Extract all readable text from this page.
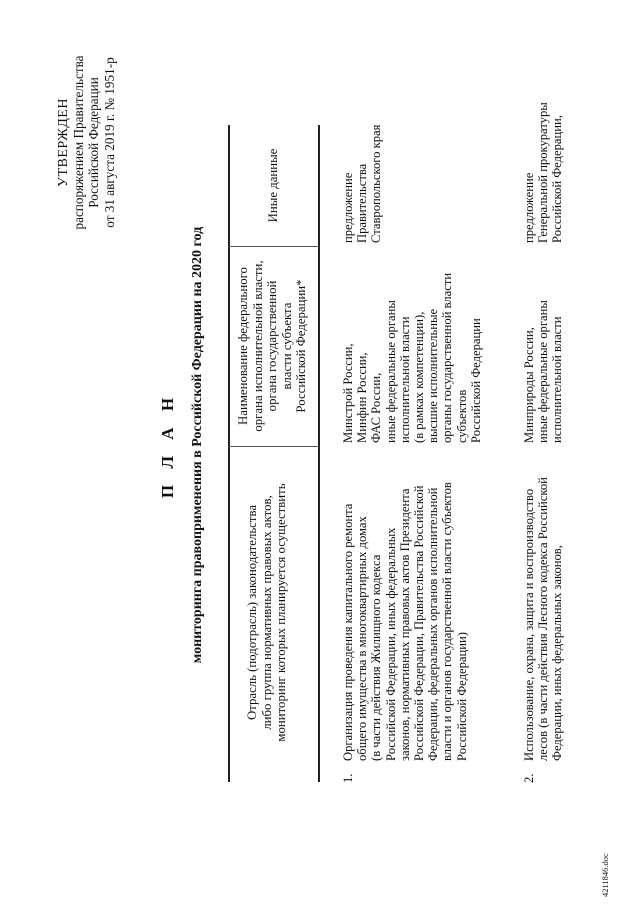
УТВЕРЖДЕН распоряжением Правительства Российской Федерации от 31 августа 2019 г. № 1951-р
П Л А Н мониторинга правоприменения в Российской Федерации на 2020 год
Отрасль (подотрасль) законодательства
либо группа нормативных правовых актов,
мониторинг которых планируется осуществить
Наименование федерального
органа исполнительной власти,
органа государственной
власти субъекта
Российской Федерации*
Иные данные
1.
Организация проведения капитального ремонта
общего имущества в многоквартирных домах
(в части действия Жилищного кодекса
Российской Федерации, иных федеральных
законов, нормативных правовых актов Президента
Российской Федерации, Правительства Российской
Федерации, федеральных органов исполнительной
власти и органов государственной власти субъектов
Российской Федерации)
Минстрой России,
Минфин России,
ФАС России,
иные федеральные органы
исполнительной власти
(в рамках компетенции),
высшие исполнительные
органы государственной власти
субъектов
Российской Федерации
предложение
Правительства
Ставропольского края
2.
Использование, охрана, защита и воспроизводство
лесов (в части действия Лесного кодекса Российской
Федерации, иных федеральных законов,
Минприроды России,
иные федеральные органы
исполнительной власти
предложение
Генеральной прокуратуры
Российской Федерации,
4211846.doc
